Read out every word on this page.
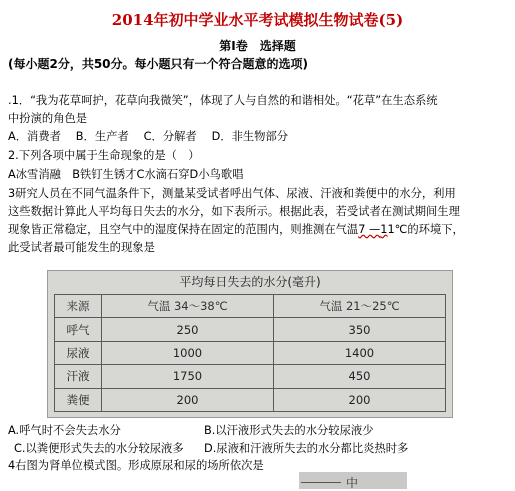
2014年初中学业水平考试模拟生物试卷(5)
第Ⅰ卷　选择题
(每小题2分，共50分。每小题只有一个符合题意的选项)
.1．“我为花草呵护，花草向我微笑”，体现了人与自然的和谐相处。“花草”在生态系统
中扮演的角色是
A．消费者　 B．生产者　 C．分解者　 D．非生物部分
2.下列各项中属于生命现象的是（　）
A冰雪消融　B铁钉生锈才C水滴石穿D小鸟歌唱
3研究人员在不同气温条件下，测量某受试者呼出气体、尿液、汗液和粪便中的水分，利用
这些数据计算此人平均每日失去的水分，如下表所示。根据此表，若受试者在测试期间生理
现象皆正常稳定，且空气中的湿度保持在固定的范围内，则推测在气温7 —11℃的环境下，
此受试者最可能发生的现象是
平均每日失去的水分(毫升)
来源	气温 34～38℃	气温 21～25℃
呼气	250	350
尿液	1000	1400
汗液	1750	450
粪便	200	200
A.呼气时不会失去水分	B.以汗液形式失去的水分较尿液少
C.以粪便形式失去的水分较尿液多 D.尿液和汗液所失去的水分都比炎热时多
4右图为肾单位模式图。形成原尿和尿的场所依次是
中
